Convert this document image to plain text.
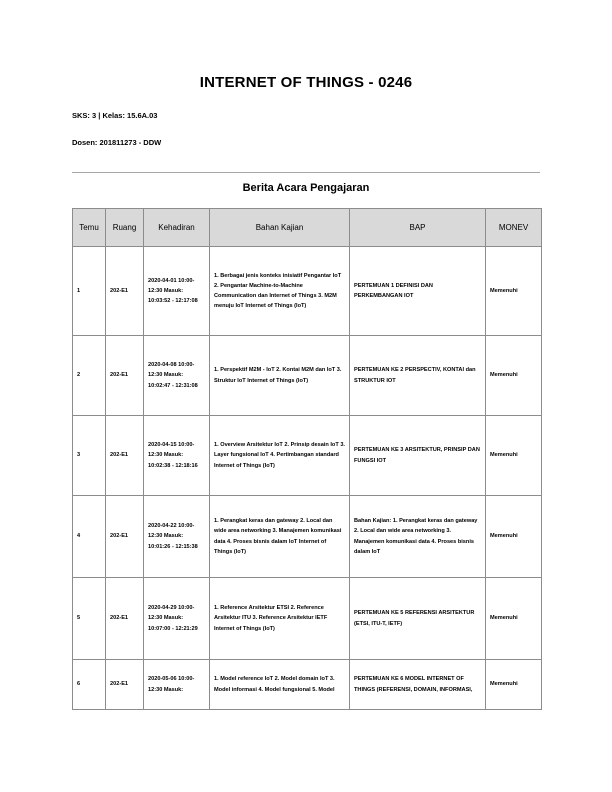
INTERNET OF THINGS - 0246
SKS: 3 | Kelas: 15.6A.03
Dosen: 201811273 - DDW
Berita Acara Pengajaran
Temu	Ruang	Kehadiran	Bahan Kajian	BAP	MONEV
1	202-E1	2020-04-01 10:00-12:30 Masuk: 10:03:52 - 12:17:08	1. Berbagai jenis konteks inisiatif Pengantar IoT 2. Pengantar Machine-to-Machine Communication dan Internet of Things 3. M2M menuju IoT Internet of Things (IoT)	PERTEMUAN 1 DEFINISI DAN PERKEMBANGAN IOT	Memenuhi
2	202-E1	2020-04-08 10:00-12:30 Masuk: 10:02:47 - 12:31:08	1. Perspektif M2M - IoT 2. Kontai M2M dan IoT 3. Struktur IoT Internet of Things (IoT)	PERTEMUAN KE 2 PERSPECTIV, KONTAI dan STRUKTUR IOT	Memenuhi
3	202-E1	2020-04-15 10:00-12:30 Masuk: 10:02:38 - 12:18:16	1. Overview Arsitektur IoT 2. Prinsip desain IoT 3. Layer fungsional IoT 4. Pertimbangan standard Internet of Things (IoT)	PERTEMUAN KE 3 ARSITEKTUR, PRINSIP DAN FUNGSI IOT	Memenuhi
4	202-E1	2020-04-22 10:00-12:30 Masuk: 10:01:26 - 12:15:38	1. Perangkat keras dan gateway 2. Local dan wide area networking 3. Manajemen komunikasi data 4. Proses bisnis dalam IoT Internet of Things (IoT)	Bahan Kajian: 1. Perangkat keras dan gateway 2. Local dan wide area networking 3. Manajemen komunikasi data 4. Proses bisnis dalam IoT	Memenuhi
5	202-E1	2020-04-29 10:00-12:30 Masuk: 10:07:00 - 12:21:29	1. Reference Arsitektur ETSI 2. Reference Arsitektur ITU 3. Reference Arsitektur IETF Internet of Things (IoT)	PERTEMUAN KE 5 REFERENSI ARSITEKTUR (ETSI, ITU-T, IETF)	Memenuhi
6	202-E1	2020-05-06 10:00-12:30 Masuk:	1. Model reference IoT 2. Model domain IoT 3. Model informasi 4. Model fungsional 5. Model	PERTEMUAN KE 6 MODEL INTERNET OF THINGS (REFERENSI, DOMAIN, INFORMASI,	Memenuhi
